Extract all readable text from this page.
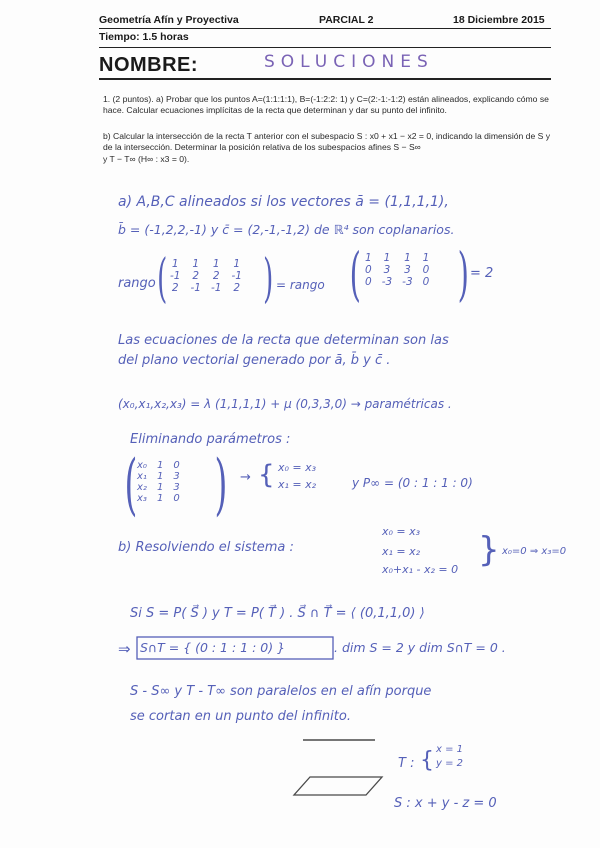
Geometría Afín y Proyectiva	PARCIAL 2	18 Diciembre 2015
Tiempo: 1.5 horas
NOMBRE:	SOLUCIONES
1. (2 puntos). a) Probar que los puntos A=(1:1:1:1), B=(-1:2:2: 1) y C=(2:-1:-1:2) están alineados, explicando cómo se hace. Calcular ecuaciones implícitas de la recta que determinan y dar su punto del infinito.
b) Calcular la intersección de la recta T anterior con el subespacio S : x0 + x1 − x2 = 0, indicando la dimensión de S y de la intersección. Determinar la posición relativa de los subespacios afines S − S∞
y T − T∞ (H∞ : x3 = 0).
a) A,B,C alineados si los vectores ā = (1,1,1,1),
b̄ = (-1,2,2,-1) y c̄ = (2,-1,-1,2) de ℝ⁴ son coplanarios.
rango ( 1	1	1	1
-1	2	2	-1
2	-1	-1	2 ) = rango ( 1	1	1	1
0	3	3	0
0	-3	-3	0 ) = 2
Las ecuaciones de la recta que determinan son las
del plano vectorial generado por ā, b̄ y c̄ .
(x₀,x₁,x₂,x₃) = λ (1,1,1,1) + μ (0,3,3,0) → paramétricas .
Eliminando parámetros :
( x₀	1	0
x₁	1	3
x₂	1	3
x₃	1	0 ) → { x₀ = x₃
x₁ = x₂	y P∞ = (0 : 1 : 1 : 0)
b) Resolviendo el sistema :
x₀ = x₃
x₁ = x₂
x₀+x₁ - x₂ = 0 } x₀=0 ⇒ x₃=0
Si S = P( S⃗ ) y T = P( T⃗ ) . S⃗ ∩ T⃗ = ⟨ (0,1,1,0) ⟩
⇒ S∩T = { (0 : 1 : 1 : 0) }	. dim S = 2 y dim S∩T = 0 .
S - S∞ y T - T∞ son paralelos en el afín porque
se cortan en un punto del infinito.
T : { x = 1
y = 2
S : x + y - z = 0
